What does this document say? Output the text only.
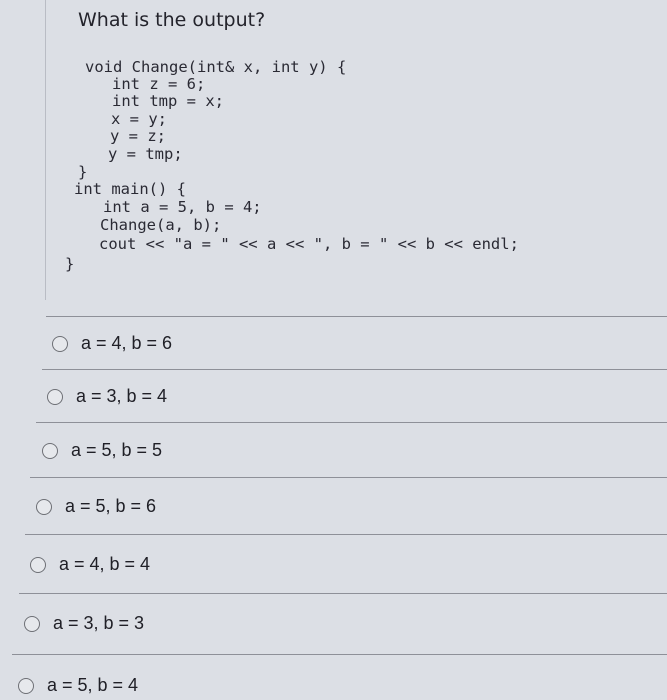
What is the output?
void Change(int& x, int y) {
int z = 6;
int tmp = x;
x = y;
y = z;
y = tmp;
}
int main() {
int a = 5, b = 4;
Change(a, b);
cout << "a = " << a << ", b = " << b << endl;
}
a = 4, b = 6
a = 3, b = 4
a = 5, b = 5
a = 5, b = 6
a = 4, b = 4
a = 3, b = 3
a = 5, b = 4
